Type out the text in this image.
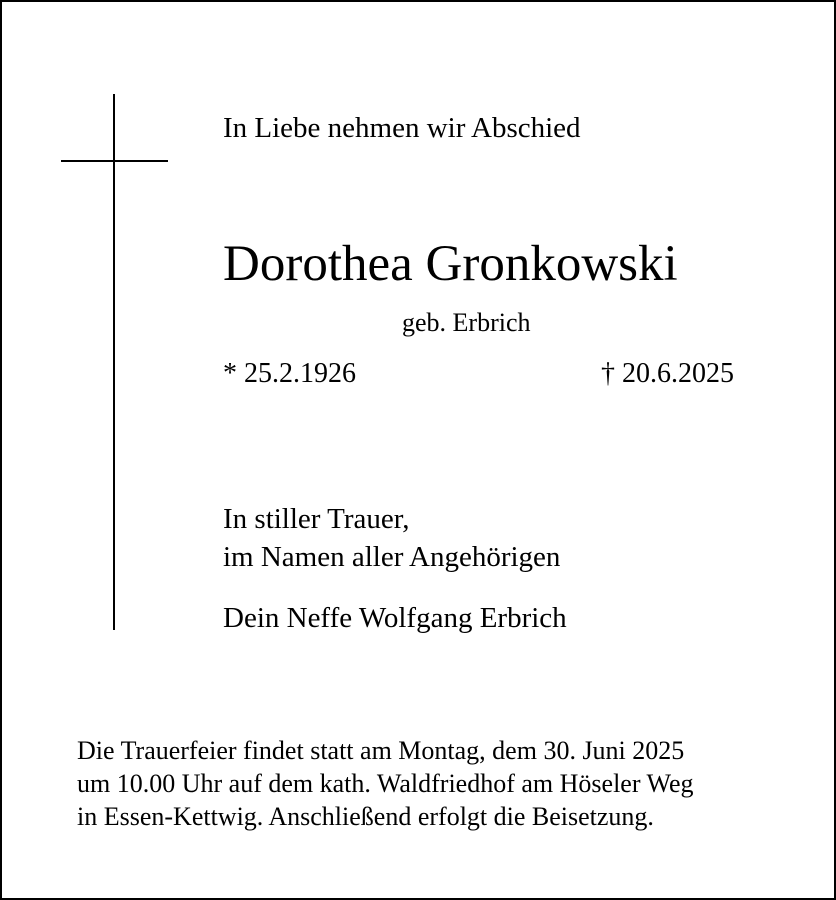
In Liebe nehmen wir Abschied
Dorothea Gronkowski
geb. Erbrich
* 25.2.1926	† 20.6.2025
In stiller Trauer,
im Namen aller Angehörigen
Dein Neffe Wolfgang Erbrich
Die Trauerfeier findet statt am Montag, dem 30. Juni 2025
um 10.00 Uhr auf dem kath. Waldfriedhof am Höseler Weg
in Essen-Kettwig. Anschließend erfolgt die Beisetzung.
